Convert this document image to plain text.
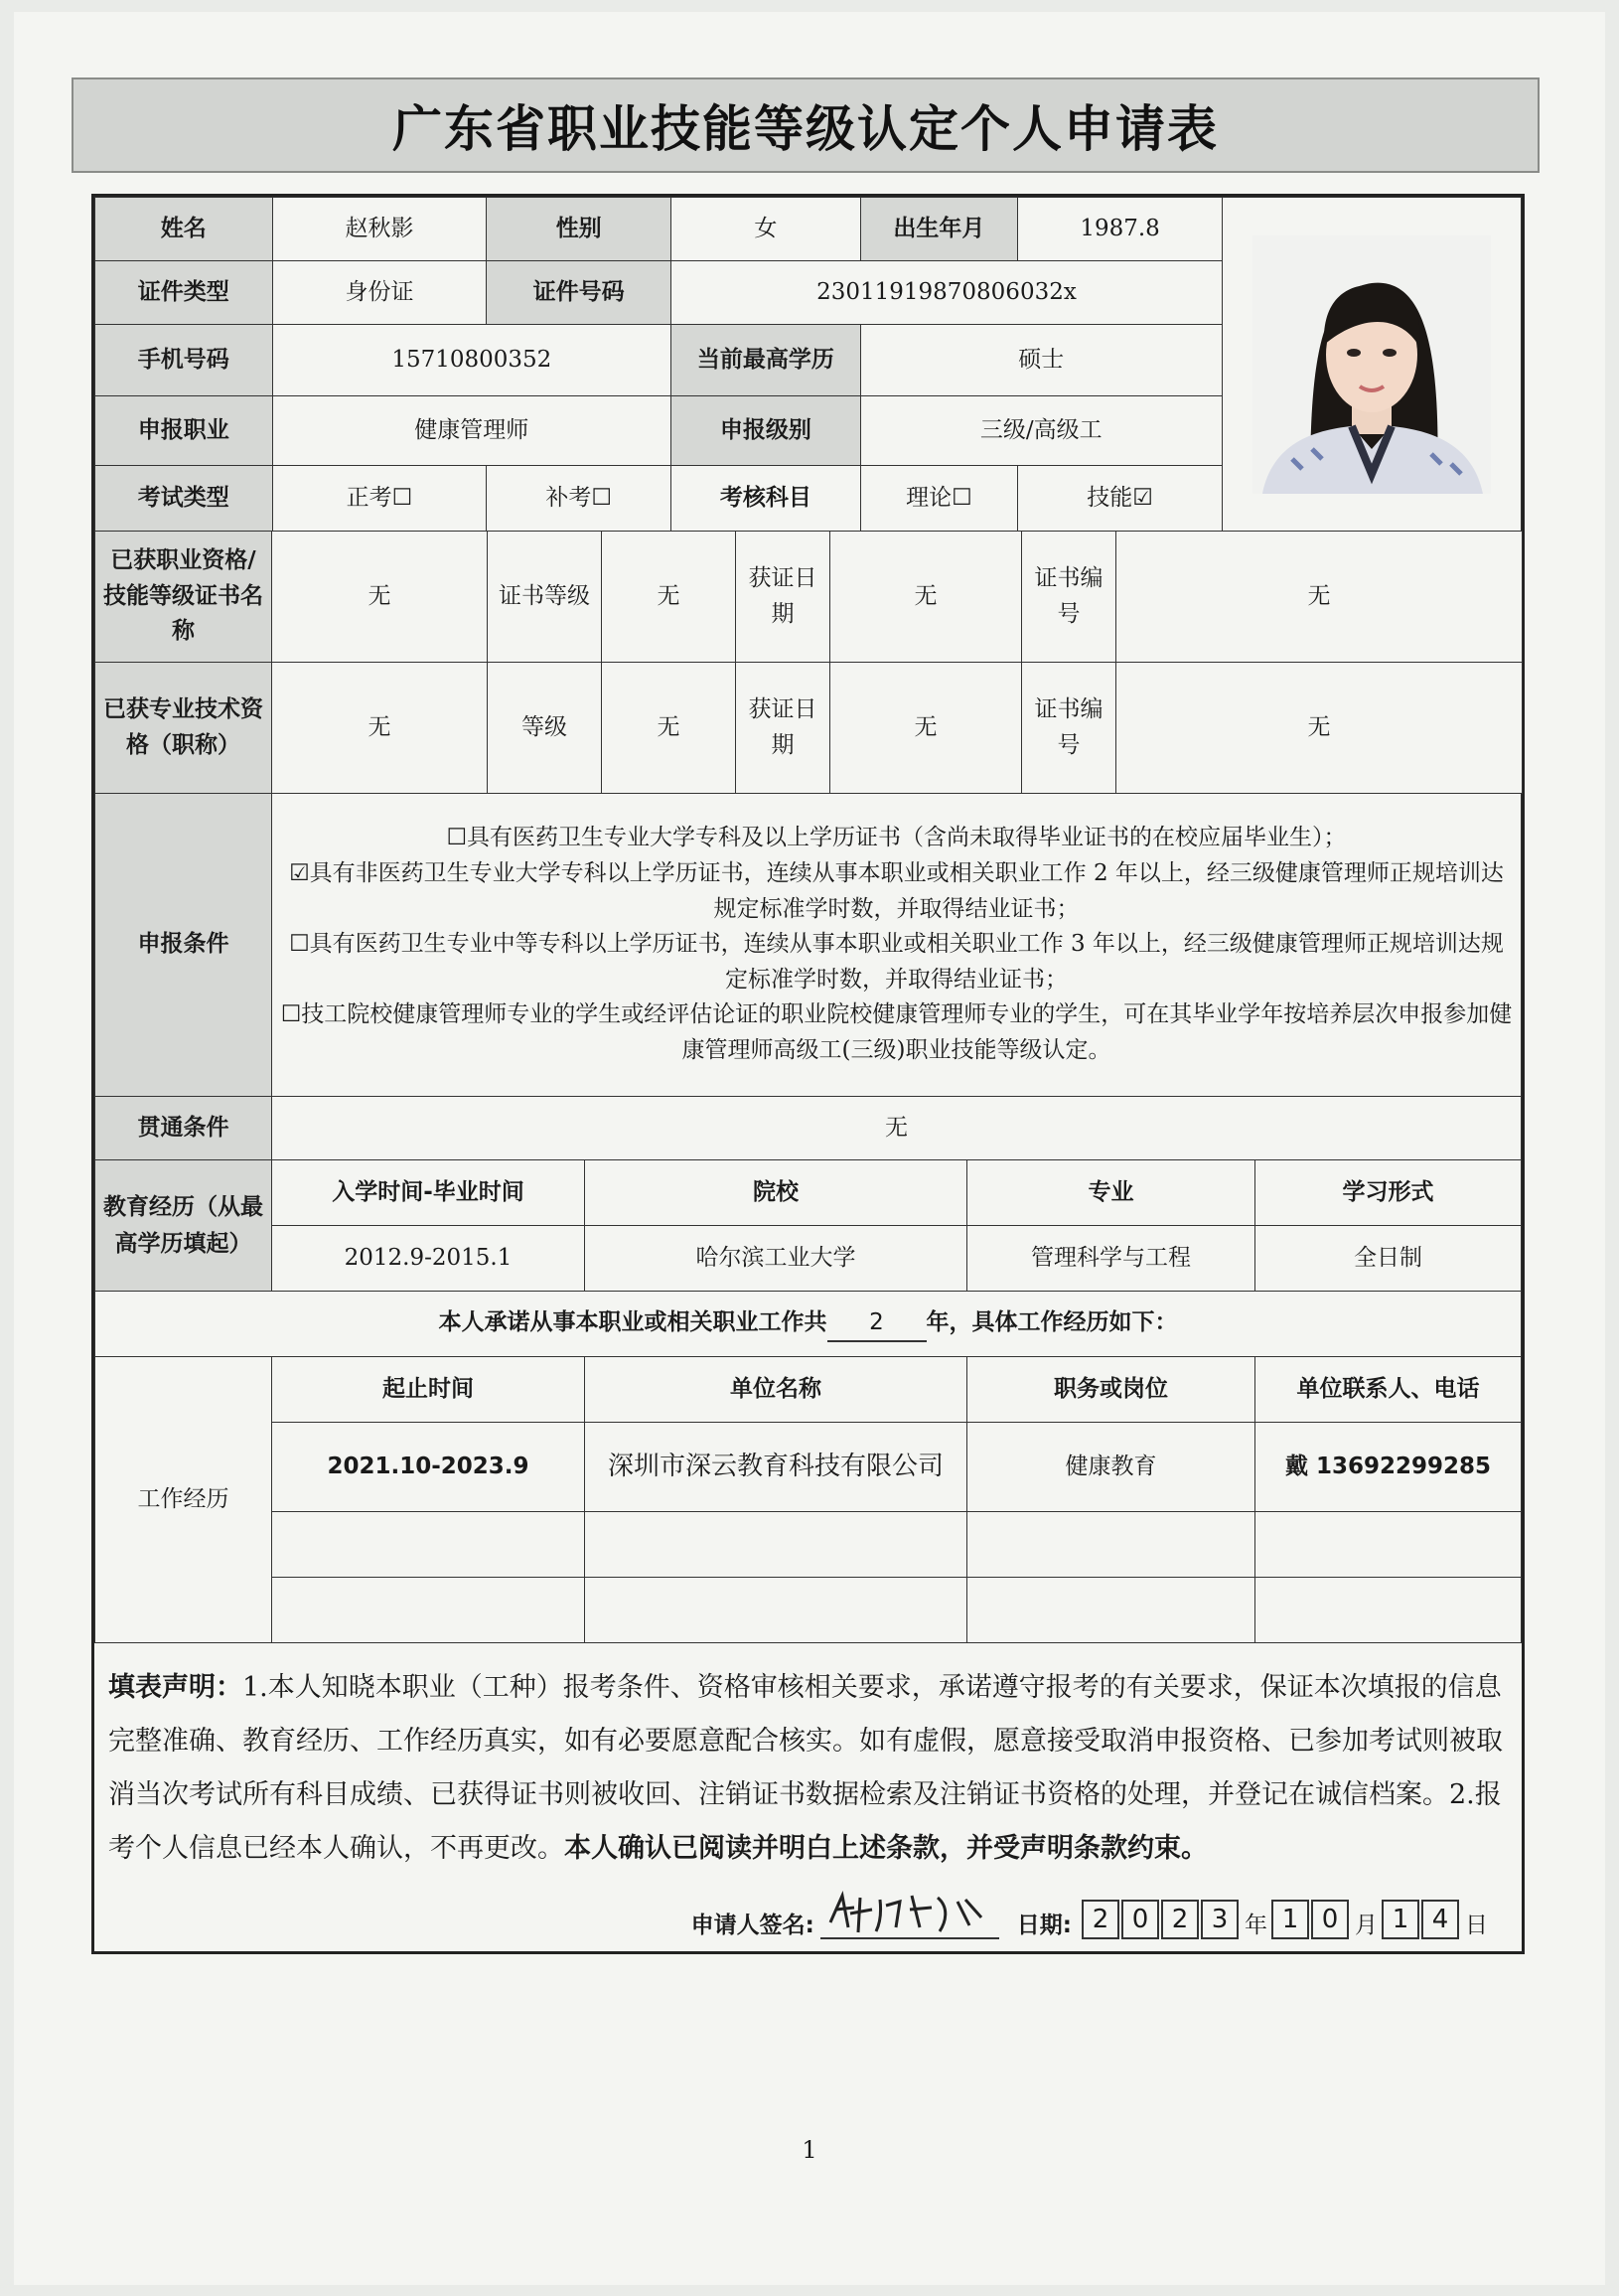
广东省职业技能等级认定个人申请表
姓名	赵秋影	性别	女	出生年月	1987.8	

证件类型	身份证	证件号码	230119198708060​32x			
手机号码	15710800352		当前最高学历	硕士		
申报职业	健康管理师		申报级别	三级/高级工		
考试类型	正考☐	补考☐	考核科目	理论☐	技能☑	
已获职业资格/技能等级证书名称	无	证书等级	无	获证日期	无	证书编号	无
已获专业技术资格（职称）	无	等级	无	获证日期	无	证书编号	无
申报条件	☐具有医药卫生专业大学专科及以上学历证书（含尚未取得毕业证书的在校应届毕业生）；
☑具有非医药卫生专业大学专科以上学历证书，连续从事本职业或相关职业工作 2 年以上，经三级健康管理师正规培训达规定标准学时数，并取得结业证书；
☐具有医药卫生专业中等专科以上学历证书，连续从事本职业或相关职业工作 3 年以上，经三级健康管理师正规培训达规定标准学时数，并取得结业证书；
☐技工院校健康管理师专业的学生或经评估论证的职业院校健康管理师专业的学生，可在其毕业学年按培养层次申报参加健康管理师高级工(三级)职业技能等级认定。

贯通条件	无
教育经历（从最高学历填起）	入学时间-毕业时间	院校	专业	学习形式
	2012.9-2015.1	哈尔滨工业大学	管理科学与工程	全日制
本人承诺从事本职业或相关职业工作共 2 年，具体工作经历如下：				
工作经历	起止时间	单位名称	职务或岗位	单位联系人、电话
	2021.10-2023.9	深圳市深云教育科技有限公司	健康教育	戴 13692299285

填表声明：1.本人知晓本职业（工种）报考条件、资格审核相关要求，承诺遵守报考的有关要求，保证本次填报的信息完整准确、教育经历、工作经历真实，如有必要愿意配合核实。如有虚假，愿意接受取消申报资格、已参加考试则被取消当次考试所有科目成绩、已获得证书则被收回、注销证书数据检索及注销证书资格的处理，并登记在诚信档案。2.报考个人信息已经本人确认，不再更改。本人确认已阅读并明白上述条款，并受声明条款约束。
申请人签名:	日期: 2 0 2 3 年 1 0 月 1 4 日
1
